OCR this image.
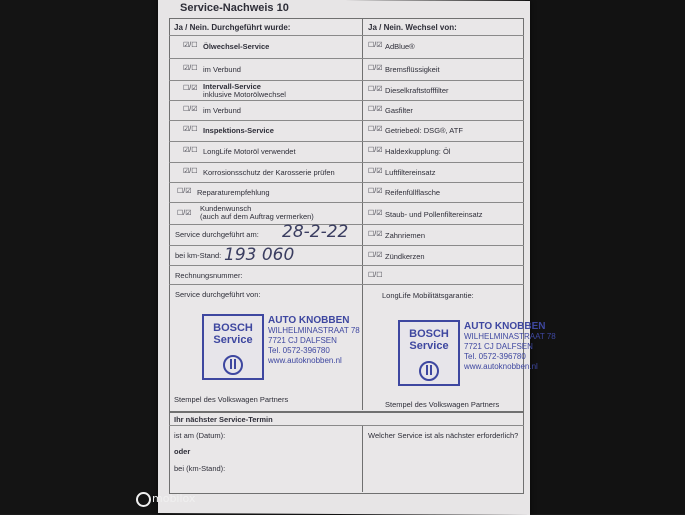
Service-Nachweis 10
Ja / Nein. Durchgeführt wurde:	Ja / Nein. Wechsel von:
☑/☐ Ölwechsel-Service
☑/☐ im Verbund
☐/☑ Intervall-Service
inklusive Motorölwechsel
☐/☑ im Verbund
☑/☐ Inspektions-Service
☑/☐ LongLife Motoröl verwendet
☑/☐ Korrosionsschutz der Karosserie prüfen
☐/☑ Reparaturempfehlung
☐/☑
Kundenwunsch
(auch auf dem Auftrag vermerken)
Service durchgeführt am: 28-2-22
bei km-Stand: 193 060
Rechnungsnummer:
Service durchgeführt von:
☐/☑ AdBlue®
☐/☑ Bremsflüssigkeit
☐/☑ Dieselkraftstofffilter
☐/☑ Gasfilter
☐/☑ Getriebeöl: DSG®, ATF
☐/☑ Haldexkupplung: Öl
☐/☑ Luftfiltereinsatz
☐/☑ Reifenfüllflasche
☐/☑ Staub- und Pollenfiltereinsatz
☐/☑ Zahnriemen
☐/☑ Zündkerzen
☐/☐
LongLife Mobilitätsgarantie:
BOSCH
Service
AUTO KNOBBEN
WILHELMINASTRAAT 78
7721 CJ DALFSEN
Tel. 0572-396780
www.autoknobben.nl
BOSCH
Service
AUTO KNOBBEN
WILHELMINASTRAAT 78
7721 CJ DALFSEN
Tel. 0572-396780
www.autoknobben.nl
Stempel des Volkswagen Partners
Stempel des Volkswagen Partners
Ihr nächster Service-Termin
ist am (Datum):
oder
bei (km-Stand):
Welcher Service ist als nächster erforderlich?
mobilox
